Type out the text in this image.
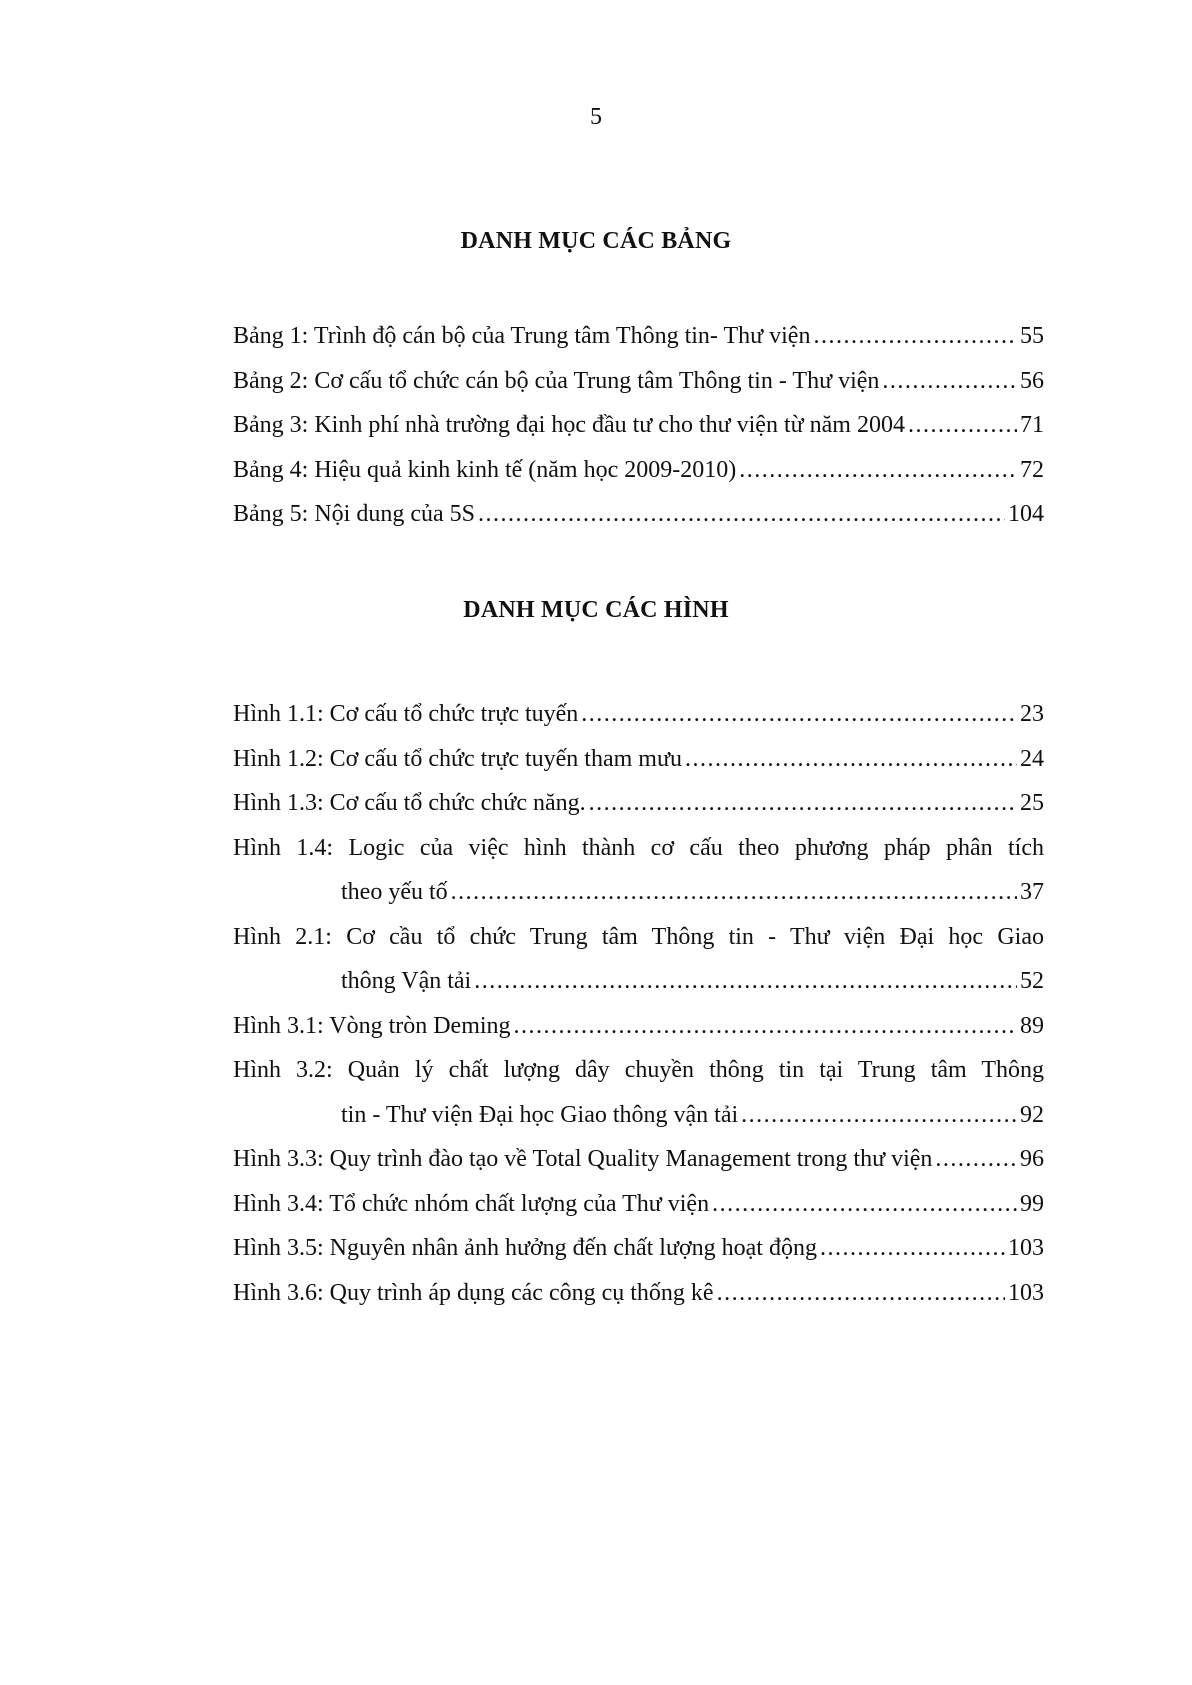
5
DANH MỤC CÁC BẢNG
Bảng 1: Trình độ cán bộ của Trung tâm Thông tin- Thư viện .....	55
Bảng 2: Cơ cấu tổ chức cán bộ của Trung tâm Thông tin - Thư viện .....	56
Bảng 3: Kinh phí nhà trường đại học đầu tư cho thư viện từ năm 2004 .....	71
Bảng 4: Hiệu quả kinh kinh tế (năm học 2009-2010) .....	72
Bảng 5: Nội dung của 5S .....	104
DANH MỤC CÁC HÌNH
Hình 1.1: Cơ cấu tổ chức trực tuyến .....	23
Hình 1.2: Cơ cấu tổ chức trực tuyến tham mưu .....	24
Hình 1.3: Cơ cấu tổ chức chức năng. .....	25
Hình 1.4: Logic của việc hình thành cơ cấu theo phương pháp phân tích
theo yếu tố .....	37
Hình 2.1: Cơ cầu tổ chức Trung tâm Thông tin - Thư viện Đại học Giao
thông Vận tải .....	52
Hình 3.1: Vòng tròn Deming .....	89
Hình 3.2: Quản lý chất lượng dây chuyền thông tin tại Trung tâm Thông
tin - Thư viện Đại học Giao thông vận tải .....	92
Hình 3.3: Quy trình đào tạo về Total Quality Management trong thư viện .....	96
Hình 3.4: Tổ chức nhóm chất lượng của Thư viện .....	99
Hình 3.5: Nguyên nhân ảnh hưởng đến chất lượng hoạt động .....	103
Hình 3.6: Quy trình áp dụng các công cụ thống kê .....	103
